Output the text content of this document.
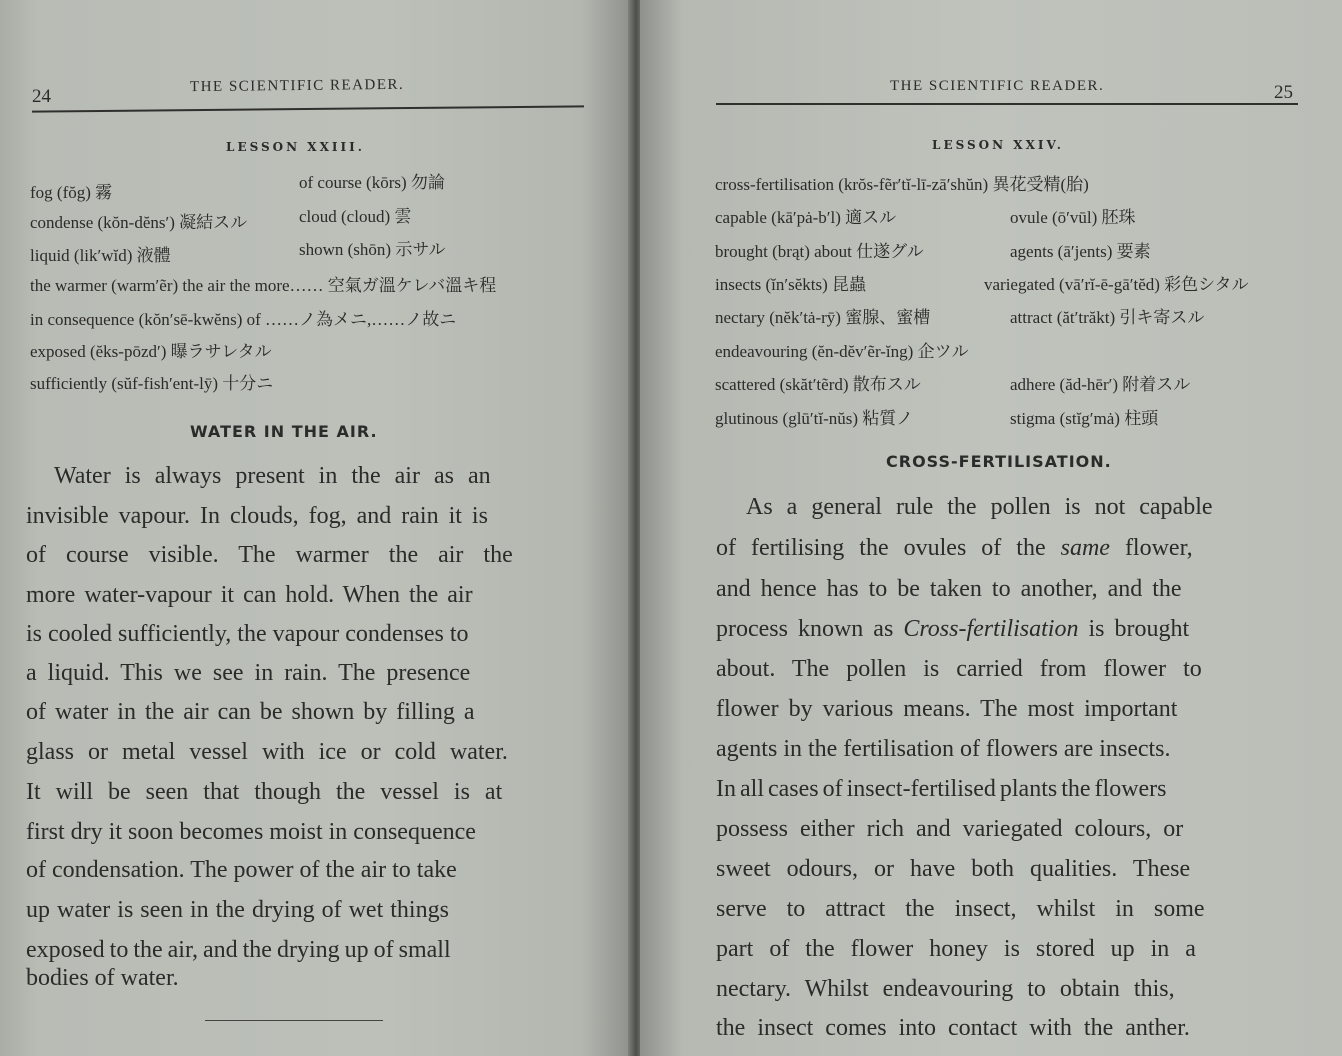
24	THE SCIENTIFIC READER.
LESSON XXIII.
fog (fŏg) 霧
condense (kŏn-dĕns′) 凝結スル
liquid (lik′wĭd) 液體
of course (kōrs) 勿論
cloud (cloud) 雲
shown (shōn) 示サル
the warmer (warm′ẽr) the air the more…… 空氣ガ溫ケレバ溫キ程
in consequence (kŏn′sē-kwĕns) of ……ノ為メニ,……ノ故ニ
exposed (ĕks-pōzd′) 曝ラサレタル
sufficiently (sŭf-fish′ent-lȳ) 十分ニ
WATER IN THE AIR.
Water is always present in the air as an
invisible vapour. In clouds, fog, and rain it is
of course visible. The warmer the air the
more water-vapour it can hold. When the air
is cooled sufficiently, the vapour condenses to
a liquid. This we see in rain. The presence
of water in the air can be shown by filling a
glass or metal vessel with ice or cold water.
It will be seen that though the vessel is at
first dry it soon becomes moist in consequence
of condensation. The power of the air to take
up water is seen in the drying of wet things
exposed to the air, and the drying up of small
bodies of water.
THE SCIENTIFIC READER.	25
LESSON XXIV.
cross-fertilisation (krŏs-fẽr′tĭ-lī-zā′shŭn) 異花受精(胎)
capable (kā′pȧ-b′l) 適スル
brought (brąt) about 仕遂グル
insects (ĭn′sĕkts) 昆蟲
nectary (nĕk′tȧ-rȳ) 蜜腺、蜜槽
endeavouring (ĕn-dĕv′ẽr-ĭng) 企ツル
scattered (skăt′tẽrd) 散布スル
glutinous (glū′tĭ-nŭs) 粘質ノ
ovule (ō′vūl) 胚珠
agents (ā′jents) 要素
variegated (vā′rĭ-ē-gā′tĕd) 彩色シタル
attract (ăt′trăkt) 引キ寄スル
adhere (ăd-hēr′) 附着スル
stigma (stĭg′mȧ) 柱頭
CROSS-FERTILISATION.
As a general rule the pollen is not capable
of fertilising the ovules of the same flower,
and hence has to be taken to another, and the
process known as Cross-fertilisation is brought
about. The pollen is carried from flower to
flower by various means. The most important
agents in the fertilisation of flowers are insects.
In all cases of insect-fertilised plants the flowers
possess either rich and variegated colours, or
sweet odours, or have both qualities. These
serve to attract the insect, whilst in some
part of the flower honey is stored up in a
nectary. Whilst endeavouring to obtain this,
the insect comes into contact with the anther.
